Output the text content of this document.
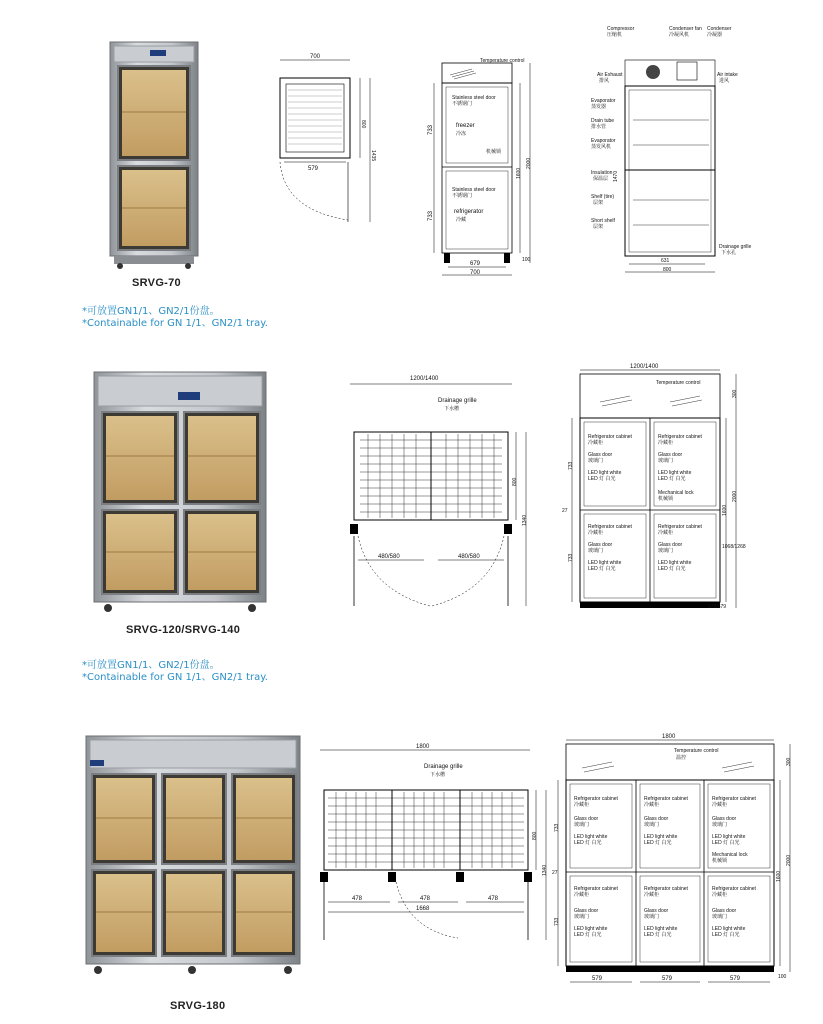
SRVG-70
*可放置GN1/1、GN2/1份盘。
*Containable for GN 1/1、GN2/1 tray.
700
579
800
1435
Temperature control
Stainless steel door
不锈钢门
freezer
冷冻
机械锁
Stainless steel door
不锈钢门
refrigerator
冷藏
733
733
1600
2000
100
679
700
Compressor
压缩机
Condenser fan
冷凝风机
Condenser
冷凝器
Air Exhaust
排风
Air intake
进风
Evaporator
蒸发器
Drain tube
排水管
Evaporator
蒸发风机
Insulation
保温层
Shelf (tire)
层架
Short shelf
层架
Drainage grille
下水孔
631
800
1470
SRVG-120/SRVG-140
*可放置GN1/1、GN2/1份盘。
*Containable for GN 1/1、GN2/1 tray.
1200/1400
Drainage grille
下水槽
480/580	480/580
800
1340
1200/1400
Temperature control
Refrigerator cabinet
冷藏柜
Glass door
玻璃门
LED light white
LED 灯 白光
Refrigerator cabinet
冷藏柜
Glass door
玻璃门
LED light white
LED 灯 白光
Mechanical lock
机械锁
Refrigerator cabinet
冷藏柜
Glass door
玻璃门
LED light white
LED 灯 白光
Refrigerator cabinet
冷藏柜
Glass door
玻璃门
LED light white
LED 灯 白光
733
27
733
1600
300
2000
1068/1268
579/679
SRVG-180
1800
Drainage grille
下水槽
478	478	478
1668
800
1340
1800
Temperature control
温控
Refrigerator cabinet
冷藏柜
Glass door
玻璃门
LED light white
LED 灯 白光
Refrigerator cabinet
冷藏柜
Glass door
玻璃门
LED light white
LED 灯 白光
Refrigerator cabinet
冷藏柜
Glass door
玻璃门
LED light white
LED 灯 白光
Mechanical lock
机械锁
Refrigerator cabinet
冷藏柜
Glass door
玻璃门
LED light white
LED 灯 白光
Refrigerator cabinet
冷藏柜
Glass door
玻璃门
LED light white
LED 灯 白光
Refrigerator cabinet
冷藏柜
Glass door
玻璃门
LED light white
LED 灯 白光
733
27
733
1600
300
2000
100
579	579	579
